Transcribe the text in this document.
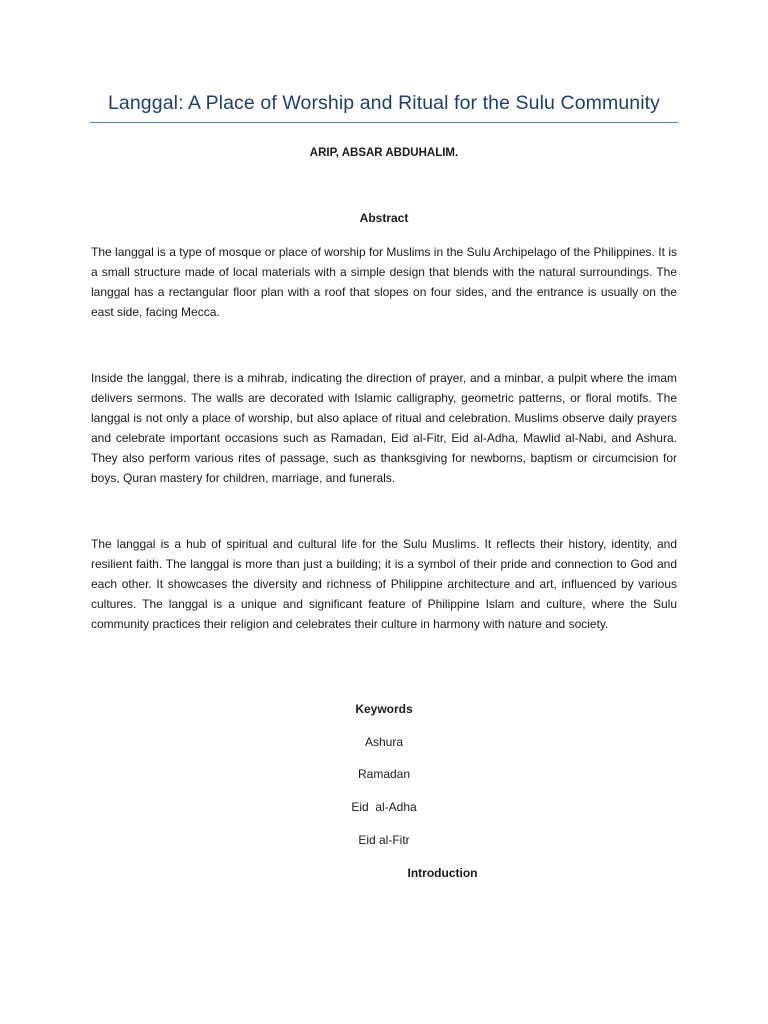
Langgal: A Place of Worship and Ritual for the Sulu Community
ARIP, ABSAR ABDUHALIM.
Abstract
The langgal is a type of mosque or place of worship for Muslims in the Sulu Archipelago of the Philippines. It is a small structure made of local materials with a simple design that blends with the natural surroundings. The langgal has a rectangular floor plan with a roof that slopes on four sides, and the entrance is usually on the east side, facing Mecca.
Inside the langgal, there is a mihrab, indicating the direction of prayer, and a minbar, a pulpit where the imam delivers sermons. The walls are decorated with Islamic calligraphy, geometric patterns, or floral motifs. The langgal is not only a place of worship, but also aplace of ritual and celebration. Muslims observe daily prayers and celebrate important occasions such as Ramadan, Eid al-Fitr, Eid al-Adha, Mawlid al-Nabi, and Ashura. They also perform various rites of passage, such as thanksgiving for newborns, baptism or circumcision for boys, Quran mastery for children, marriage, and funerals.
The langgal is a hub of spiritual and cultural life for the Sulu Muslims. It reflects their history, identity, and resilient faith. The langgal is more than just a building; it is a symbol of their pride and connection to God and each other. It showcases the diversity and richness of Philippine architecture and art, influenced by various cultures. The langgal is a unique and significant feature of Philippine Islam and culture, where the Sulu community practices their religion and celebrates their culture in harmony with nature and society.
Keywords
Ashura
Ramadan
Eid  al-Adha
Eid al-Fitr
Introduction
